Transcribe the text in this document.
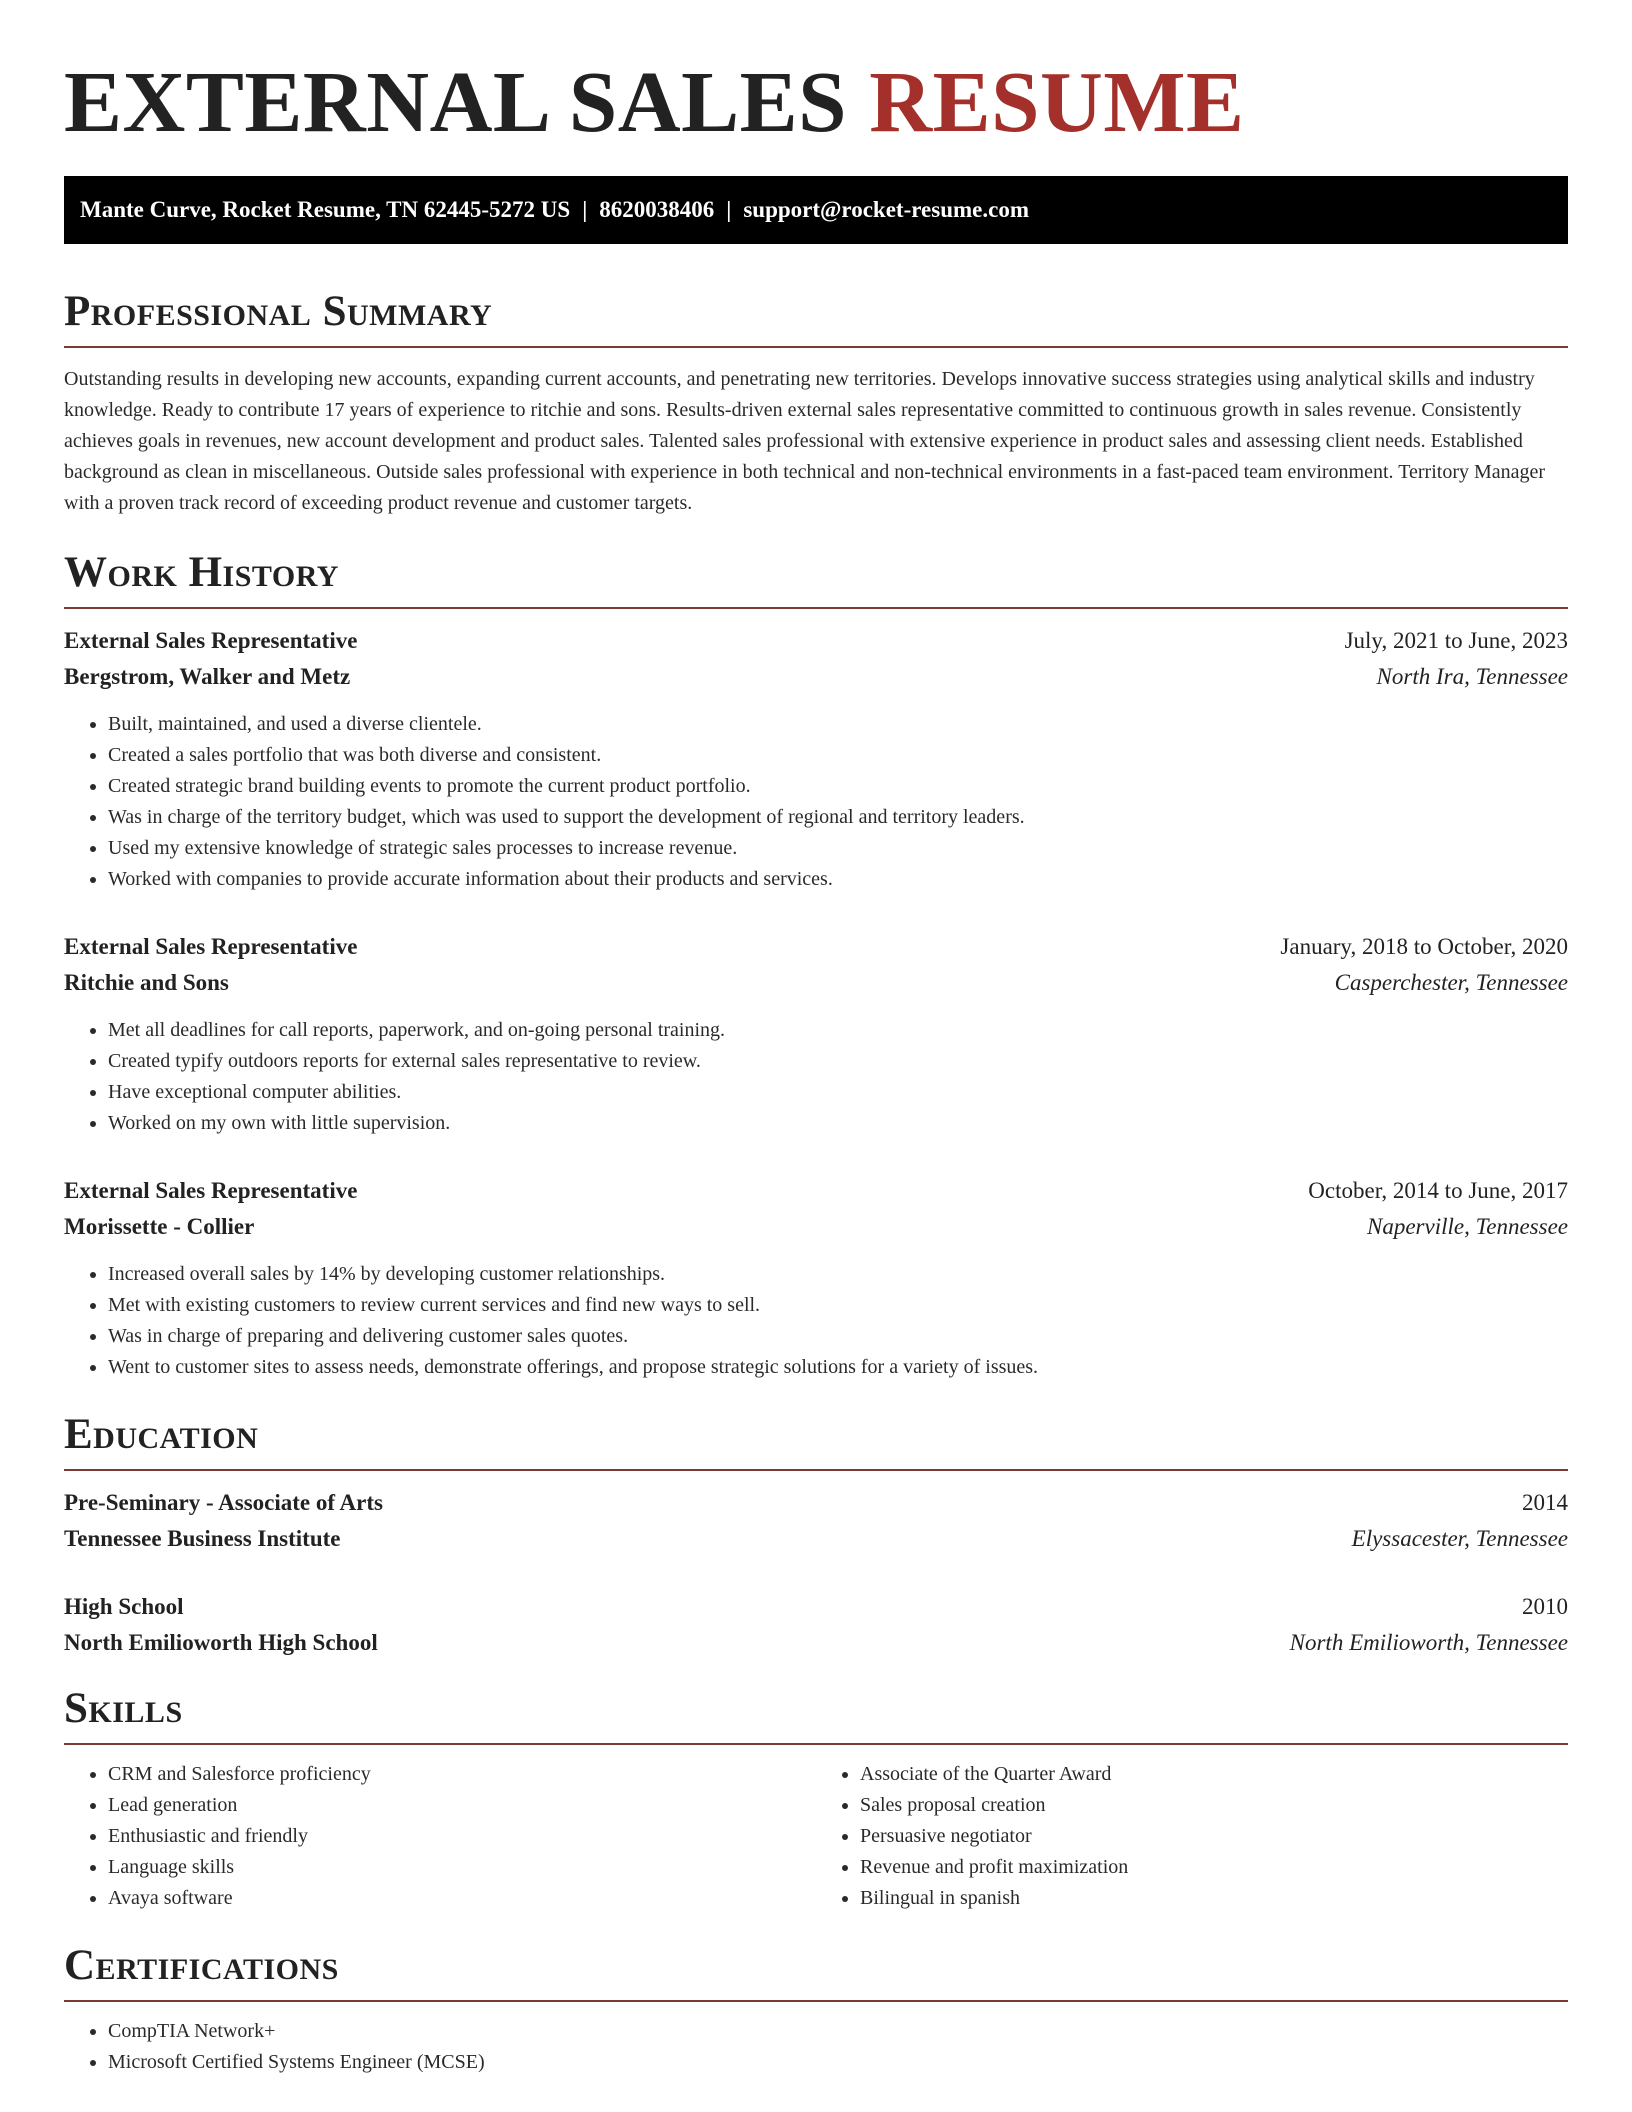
EXTERNAL SALES RESUME
Mante Curve, Rocket Resume, TN 62445-5272 US | 8620038406 | support@rocket-resume.com
Professional Summary

Outstanding results in developing new accounts, expanding current accounts, and penetrating new territories. Develops innovative success strategies using analytical skills and industry knowledge. Ready to contribute 17 years of experience to ritchie and sons. Results-driven external sales representative committed to continuous growth in sales revenue. Consistently achieves goals in revenues, new account development and product sales. Talented sales professional with extensive experience in product sales and assessing client needs. Established background as clean in miscellaneous. Outside sales professional with experience in both technical and non-technical environments in a fast-paced team environment. Territory Manager with a proven track record of exceeding product revenue and customer targets.

Work History
External Sales Representative	July, 2021 to June, 2023
Bergstrom, Walker and Metz	North Ira, Tennessee
• Built, maintained, and used a diverse clientele.
• Created a sales portfolio that was both diverse and consistent.
• Created strategic brand building events to promote the current product portfolio.
• Was in charge of the territory budget, which was used to support the development of regional and territory leaders.
• Used my extensive knowledge of strategic sales processes to increase revenue.
• Worked with companies to provide accurate information about their products and services.
External Sales Representative	January, 2018 to October, 2020
Ritchie and Sons	Casperchester, Tennessee
• Met all deadlines for call reports, paperwork, and on-going personal training.
• Created typify outdoors reports for external sales representative to review.
• Have exceptional computer abilities.
• Worked on my own with little supervision.
External Sales Representative	October, 2014 to June, 2017
Morissette - Collier	Naperville, Tennessee
• Increased overall sales by 14% by developing customer relationships.
• Met with existing customers to review current services and find new ways to sell.
• Was in charge of preparing and delivering customer sales quotes.
• Went to customer sites to assess needs, demonstrate offerings, and propose strategic solutions for a variety of issues.
Education
Pre-Seminary - Associate of Arts	2014
Tennessee Business Institute	Elyssacester, Tennessee
High School	2010
North Emilioworth High School	North Emilioworth, Tennessee
Skills
• CRM and Salesforce proficiency
• Lead generation
• Enthusiastic and friendly
• Language skills
• Avaya software
• Associate of the Quarter Award
• Sales proposal creation
• Persuasive negotiator
• Revenue and profit maximization
• Bilingual in spanish
Certifications
• CompTIA Network+
• Microsoft Certified Systems Engineer (MCSE)
